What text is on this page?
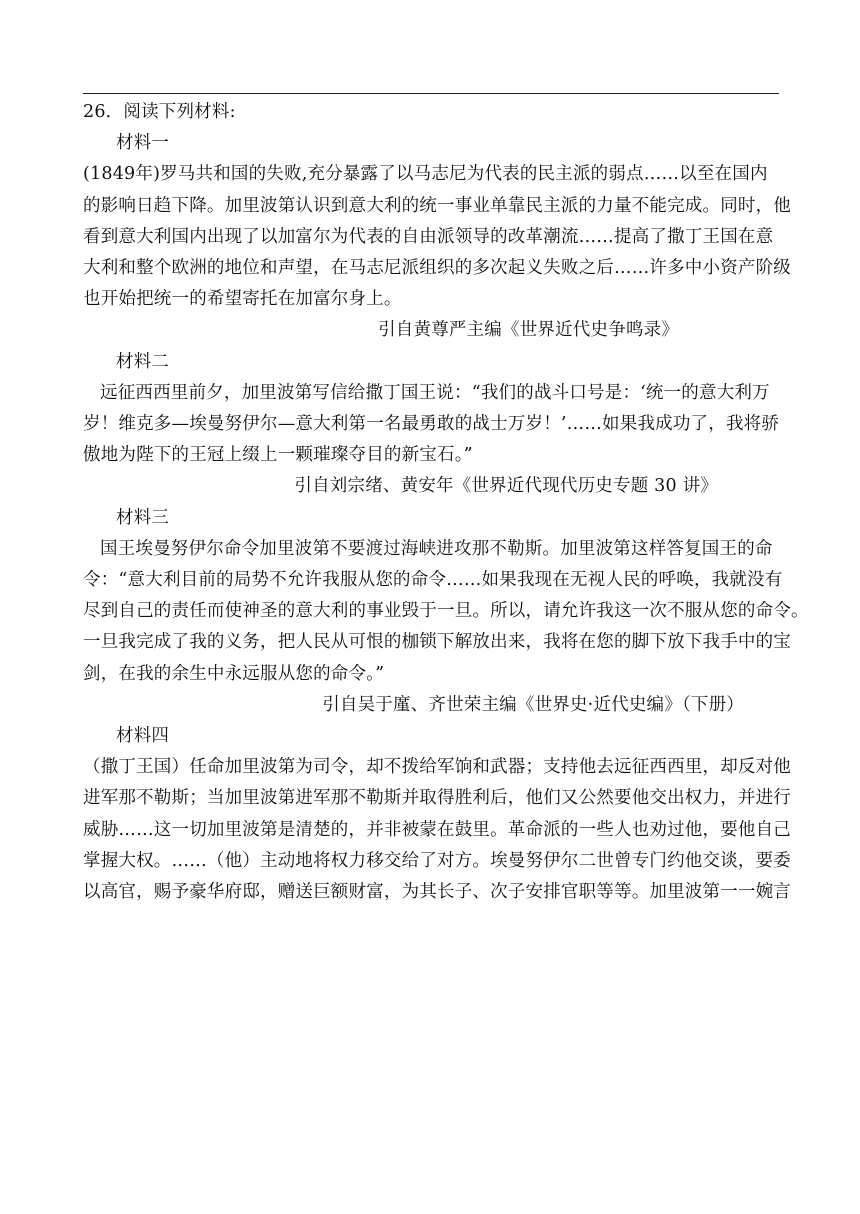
26．阅读下列材料:

材料一

(1849年)罗马共和国的失败,充分暴露了以马志尼为代表的民主派的弱点……以至在国内

的影响日趋下降。加里波第认识到意大利的统一事业单靠民主派的力量不能完成。同时，他

看到意大利国内出现了以加富尔为代表的自由派领导的改革潮流……提高了撒丁王国在意

大利和整个欧洲的地位和声望，在马志尼派组织的多次起义失败之后……许多中小资产阶级

也开始把统一的希望寄托在加富尔身上。

引自黄尊严主编《世界近代史争鸣录》

材料二

远征西西里前夕，加里波第写信给撒丁国王说：“我们的战斗口号是：‘统一的意大利万

岁！维克多—埃曼努伊尔—意大利第一名最勇敢的战士万岁！’……如果我成功了，我将骄

傲地为陛下的王冠上缀上一颗璀璨夺目的新宝石。”

引自刘宗绪、黄安年《世界近代现代历史专题 30 讲》

材料三

国王埃曼努伊尔命令加里波第不要渡过海峡进攻那不勒斯。加里波第这样答复国王的命

令：“意大利目前的局势不允许我服从您的命令……如果我现在无视人民的呼唤，我就没有

尽到自己的责任而使神圣的意大利的事业毁于一旦。所以，请允许我这一次不服从您的命令。

一旦我完成了我的义务，把人民从可恨的枷锁下解放出来，我将在您的脚下放下我手中的宝

剑，在我的余生中永远服从您的命令。”

引自吴于廑、齐世荣主编《世界史·近代史编》（下册）

材料四

（撒丁王国）任命加里波第为司令，却不拨给军饷和武器；支持他去远征西西里，却反对他

进军那不勒斯；当加里波第进军那不勒斯并取得胜利后，他们又公然要他交出权力，并进行

威胁……这一切加里波第是清楚的，并非被蒙在鼓里。革命派的一些人也劝过他，要他自己

掌握大权。……（他）主动地将权力移交给了对方。埃曼努伊尔二世曾专门约他交谈，要委

以高官，赐予豪华府邸，赠送巨额财富，为其长子、次子安排官职等等。加里波第一一婉言
